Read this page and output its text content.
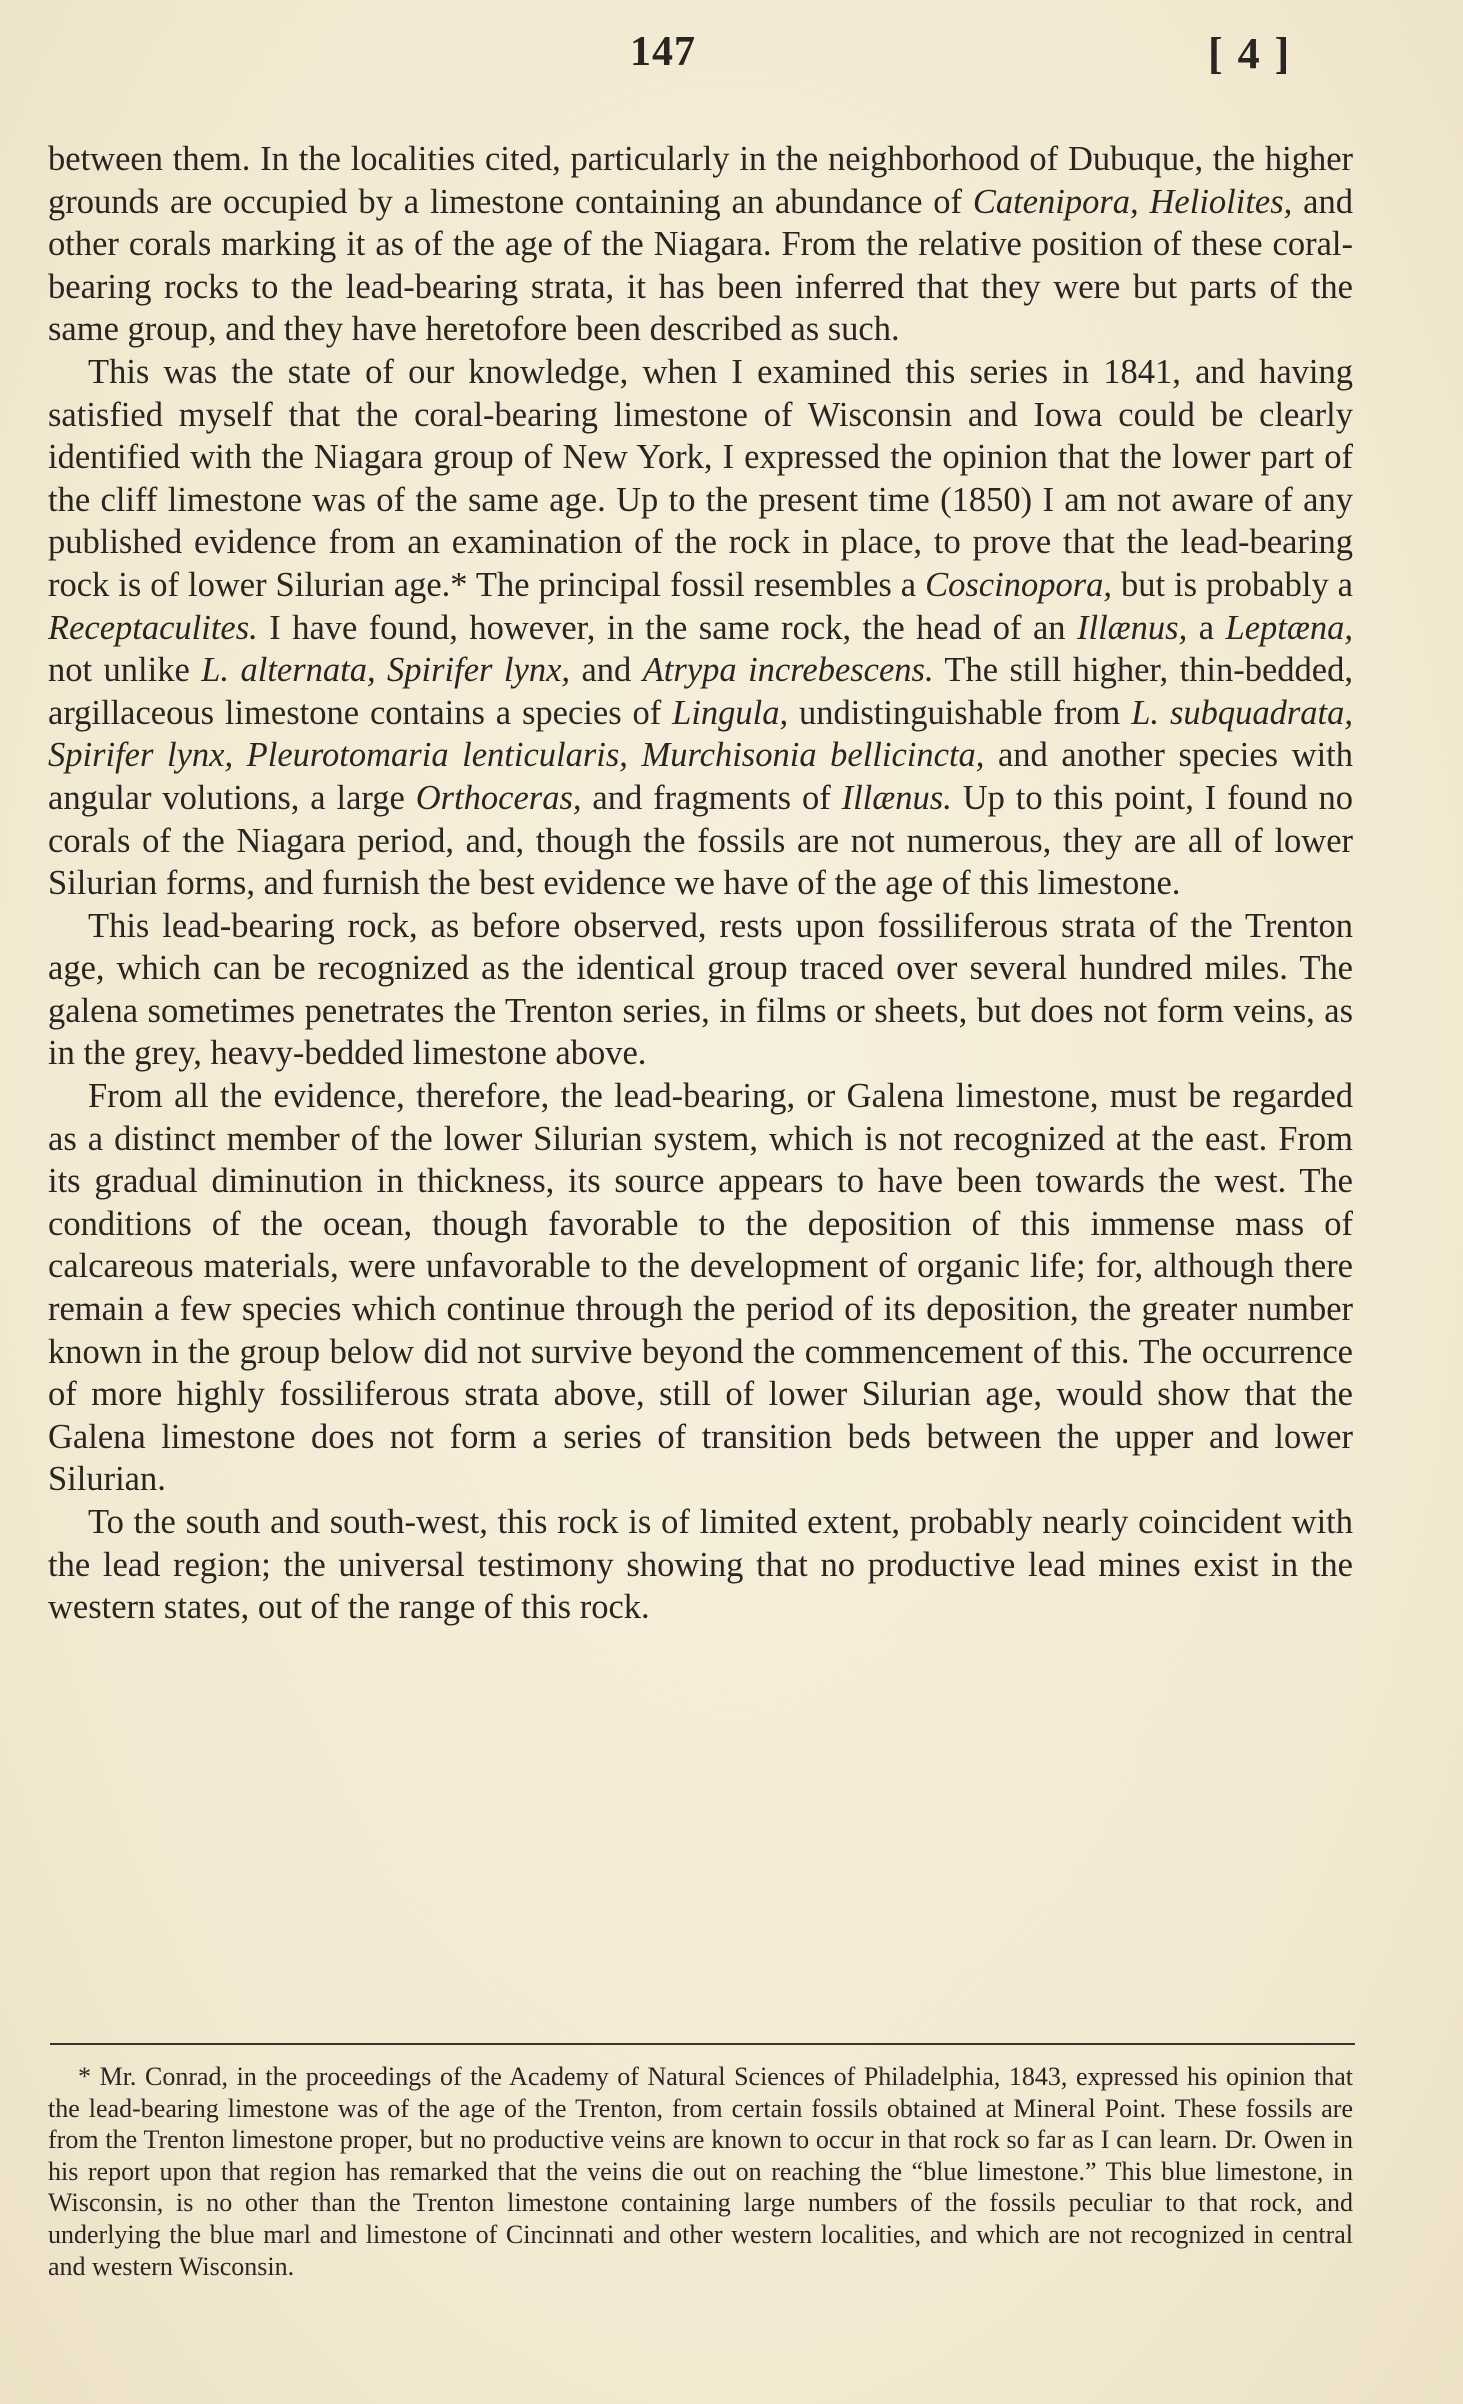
147	[ 4 ]

between them. In the localities cited, particularly in the neighborhood of Dubuque, the higher grounds are occupied by a limestone containing an abundance of Catenipora, Heliolites, and other corals marking it as of the age of the Niagara. From the relative position of these coral-bearing rocks to the lead-bearing strata, it has been inferred that they were but parts of the same group, and they have heretofore been described as such.

This was the state of our knowledge, when I examined this series in 1841, and having satisfied myself that the coral-bearing limestone of Wisconsin and Iowa could be clearly identified with the Niagara group of New York, I expressed the opinion that the lower part of the cliff limestone was of the same age. Up to the present time (1850) I am not aware of any published evidence from an examination of the rock in place, to prove that the lead-bearing rock is of lower Silurian age.* The principal fossil resembles a Coscinopora, but is probably a Receptaculites. I have found, however, in the same rock, the head of an Illænus, a Leptæna, not unlike L. alternata, Spirifer lynx, and Atrypa increbescens. The still higher, thin-bedded, argillaceous limestone contains a species of Lingula, undistinguishable from L. subquadrata, Spirifer lynx, Pleurotomaria lenticularis, Murchisonia bellicincta, and another species with angular volutions, a large Orthoceras, and fragments of Illænus. Up to this point, I found no corals of the Niagara period, and, though the fossils are not numerous, they are all of lower Silurian forms, and furnish the best evidence we have of the age of this limestone.

This lead-bearing rock, as before observed, rests upon fossiliferous strata of the Trenton age, which can be recognized as the identical group traced over several hundred miles. The galena sometimes penetrates the Trenton series, in films or sheets, but does not form veins, as in the grey, heavy-bedded limestone above.

From all the evidence, therefore, the lead-bearing, or Galena limestone, must be regarded as a distinct member of the lower Silurian system, which is not recognized at the east. From its gradual diminution in thickness, its source appears to have been towards the west. The conditions of the ocean, though favorable to the deposition of this immense mass of calcareous materials, were unfavorable to the development of organic life; for, although there remain a few species which continue through the period of its deposition, the greater number known in the group below did not survive beyond the commencement of this. The occurrence of more highly fossiliferous strata above, still of lower Silurian age, would show that the Galena limestone does not form a series of transition beds between the upper and lower Silurian.

To the south and south-west, this rock is of limited extent, probably nearly coincident with the lead region; the universal testimony showing that no productive lead mines exist in the western states, out of the range of this rock.

* Mr. Conrad, in the proceedings of the Academy of Natural Sciences of Philadelphia, 1843, expressed his opinion that the lead-bearing limestone was of the age of the Trenton, from certain fossils obtained at Mineral Point. These fossils are from the Trenton limestone proper, but no productive veins are known to occur in that rock so far as I can learn. Dr. Owen in his report upon that region has remarked that the veins die out on reaching the “blue limestone.” This blue limestone, in Wisconsin, is no other than the Trenton limestone containing large numbers of the fossils peculiar to that rock, and underlying the blue marl and limestone of Cincinnati and other western localities, and which are not recognized in central and western Wisconsin.
